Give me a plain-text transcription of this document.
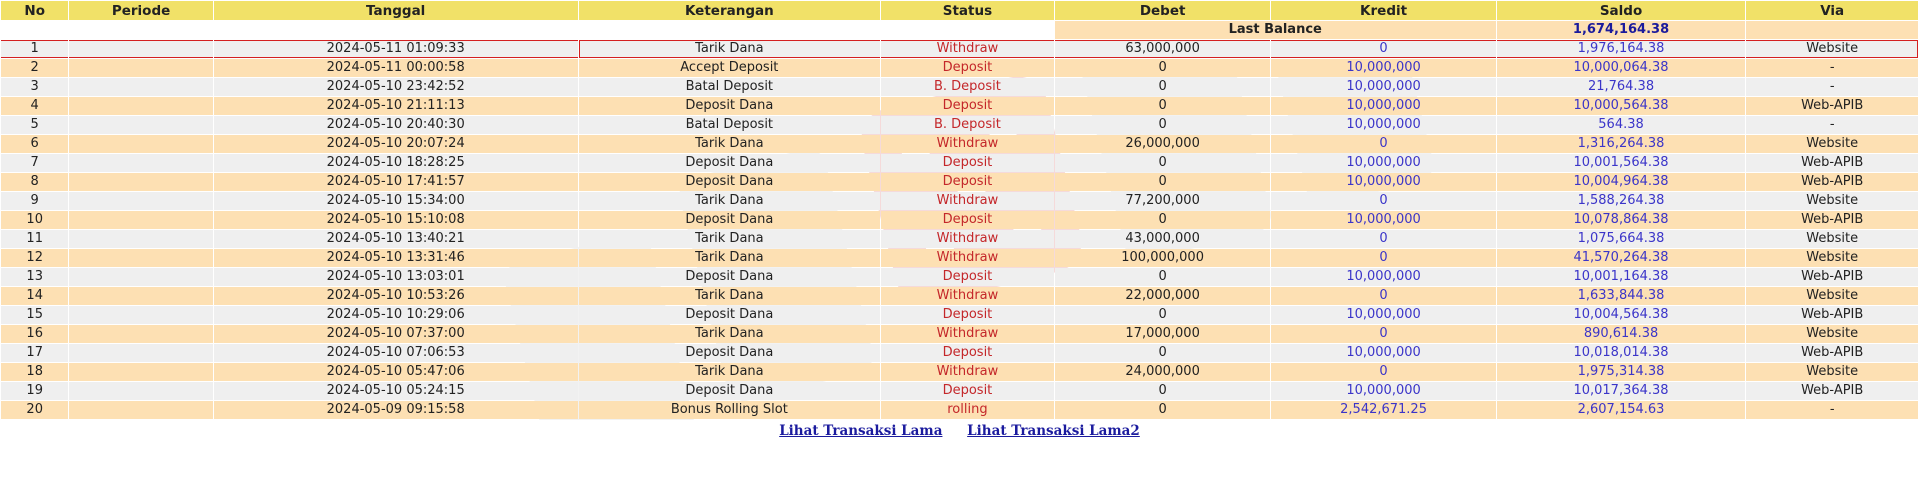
No	Periode	Tanggal	Keterangan	Status	Debet	Kredit	Saldo	Via
					Last Balance		1,674,164.38	
1		2024-05-11 01:09:33	Tarik Dana	Withdraw	63,000,000	0	1,976,164.38	Website
2		2024-05-11 00:00:58	Accept Deposit	Deposit	0	10,000,000	10,000,064.38	-
3		2024-05-10 23:42:52	Batal Deposit	B. Deposit	0	10,000,000	21,764.38	-
4		2024-05-10 21:11:13	Deposit Dana	Deposit	0	10,000,000	10,000,564.38	Web-APIB
5		2024-05-10 20:40:30	Batal Deposit	B. Deposit	0	10,000,000	564.38	-
6		2024-05-10 20:07:24	Tarik Dana	Withdraw	26,000,000	0	1,316,264.38	Website
7		2024-05-10 18:28:25	Deposit Dana	Deposit	0	10,000,000	10,001,564.38	Web-APIB
8		2024-05-10 17:41:57	Deposit Dana	Deposit	0	10,000,000	10,004,964.38	Web-APIB
9		2024-05-10 15:34:00	Tarik Dana	Withdraw	77,200,000	0	1,588,264.38	Website
10		2024-05-10 15:10:08	Deposit Dana	Deposit	0	10,000,000	10,078,864.38	Web-APIB
11		2024-05-10 13:40:21	Tarik Dana	Withdraw	43,000,000	0	1,075,664.38	Website
12		2024-05-10 13:31:46	Tarik Dana	Withdraw	100,000,000	0	41,570,264.38	Website
13		2024-05-10 13:03:01	Deposit Dana	Deposit	0	10,000,000	10,001,164.38	Web-APIB
14		2024-05-10 10:53:26	Tarik Dana	Withdraw	22,000,000	0	1,633,844.38	Website
15		2024-05-10 10:29:06	Deposit Dana	Deposit	0	10,000,000	10,004,564.38	Web-APIB
16		2024-05-10 07:37:00	Tarik Dana	Withdraw	17,000,000	0	890,614.38	Website
17		2024-05-10 07:06:53	Deposit Dana	Deposit	0	10,000,000	10,018,014.38	Web-APIB
18		2024-05-10 05:47:06	Tarik Dana	Withdraw	24,000,000	0	1,975,314.38	Website
19		2024-05-10 05:24:15	Deposit Dana	Deposit	0	10,000,000	10,017,364.38	Web-APIB
20		2024-05-09 09:15:58	Bonus Rolling Slot	rolling	0	2,542,671.25	2,607,154.63	-
Lihat Transaksi Lama Lihat Transaksi Lama2
